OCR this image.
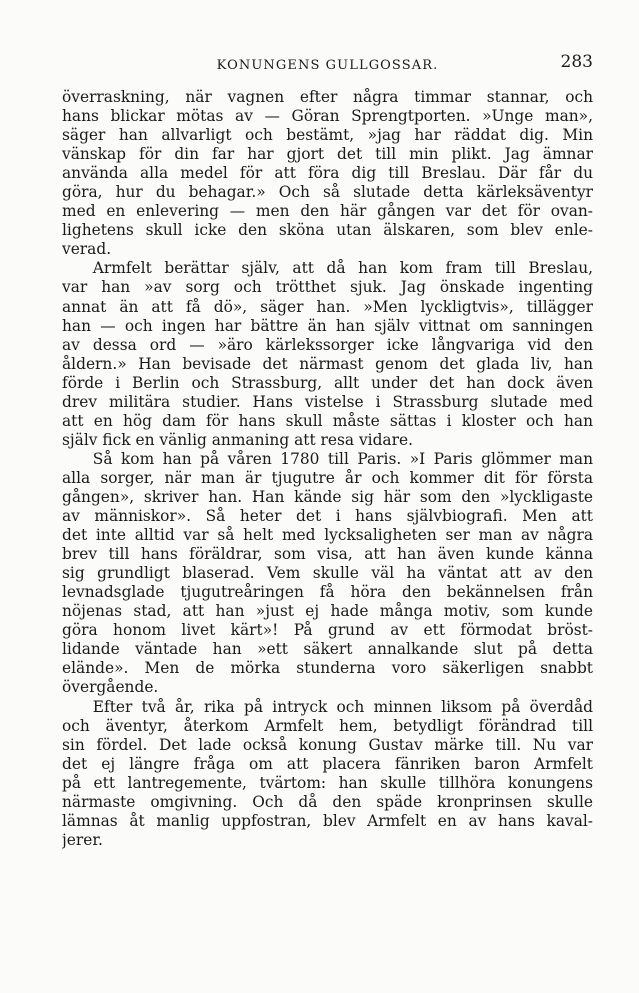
KONUNGENS GULLGOSSAR.	283
överraskning, när vagnen efter några timmar stannar, och
hans blickar mötas av — Göran Sprengtporten. »Unge man»,
säger han allvarligt och bestämt, »jag har räddat dig. Min
vänskap för din far har gjort det till min plikt. Jag ämnar
använda alla medel för att föra dig till Breslau. Där får du
göra, hur du behagar.» Och så slutade detta kärleksäventyr
med en enlevering — men den här gången var det för ovan-
lighetens skull icke den sköna utan älskaren, som blev enle-
verad.
Armfelt berättar själv, att då han kom fram till Breslau,
var han »av sorg och trötthet sjuk. Jag önskade ingenting
annat än att få dö», säger han. »Men lyckligtvis», tillägger
han — och ingen har bättre än han själv vittnat om sanningen
av dessa ord — »äro kärlekssorger icke långvariga vid den
åldern.» Han bevisade det närmast genom det glada liv, han
förde i Berlin och Strassburg, allt under det han dock även
drev militära studier. Hans vistelse i Strassburg slutade med
att en hög dam för hans skull måste sättas i kloster och han
själv fick en vänlig anmaning att resa vidare.
Så kom han på våren 1780 till Paris. »I Paris glömmer man
alla sorger, när man är tjugutre år och kommer dit för första
gången», skriver han. Han kände sig här som den »lyckligaste
av människor». Så heter det i hans självbiografi. Men att
det inte alltid var så helt med lycksaligheten ser man av några
brev till hans föräldrar, som visa, att han även kunde känna
sig grundligt blaserad. Vem skulle väl ha väntat att av den
levnadsglade tjugutreåringen få höra den bekännelsen från
nöjenas stad, att han »just ej hade många motiv, som kunde
göra honom livet kärt»! På grund av ett förmodat bröst-
lidande väntade han »ett säkert annalkande slut på detta
elände». Men de mörka stunderna voro säkerligen snabbt
övergående.
Efter två år, rika på intryck och minnen liksom på överdåd
och äventyr, återkom Armfelt hem, betydligt förändrad till
sin fördel. Det lade också konung Gustav märke till. Nu var
det ej längre fråga om att placera fänriken baron Armfelt
på ett lantregemente, tvärtom: han skulle tillhöra konungens
närmaste omgivning. Och då den späde kronprinsen skulle
lämnas åt manlig uppfostran, blev Armfelt en av hans kaval-
jerer.
